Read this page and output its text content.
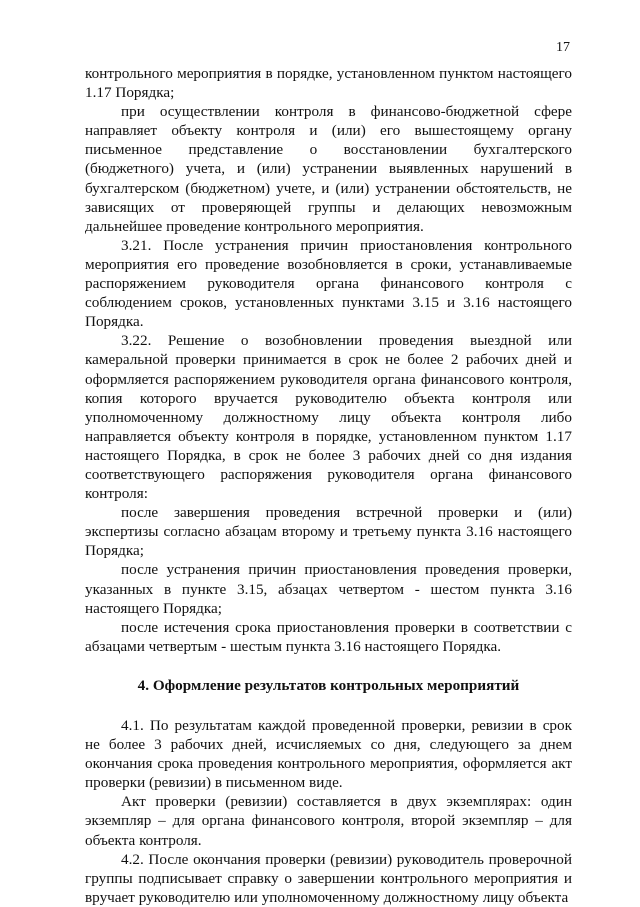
17

контрольного мероприятия в порядке, установленном пунктом настоящего 1.17 Порядка;

при осуществлении контроля в финансово-бюджетной сфере направляет объекту контроля и (или) его вышестоящему органу письменное представление о восстановлении бухгалтерского (бюджетного) учета, и (или) устранении выявленных нарушений в бухгалтерском (бюджетном) учете, и (или) устранении обстоятельств, не зависящих от проверяющей группы и делающих невозможным дальнейшее проведение контрольного мероприятия.

3.21. После устранения причин приостановления контрольного мероприятия его проведение возобновляется в сроки, устанавливаемые распоряжением руководителя органа финансового контроля с соблюдением сроков, установленных пунктами 3.15 и 3.16 настоящего Порядка.

3.22. Решение о возобновлении проведения выездной или камеральной проверки принимается в срок не более 2 рабочих дней и оформляется распоряжением руководителя органа финансового контроля, копия которого вручается руководителю объекта контроля или уполномоченному должностному лицу объекта контроля либо направляется объекту контроля в порядке, установленном пунктом 1.17 настоящего Порядка, в срок не более 3 рабочих дней со дня издания соответствующего распоряжения руководителя органа финансового контроля:

после завершения проведения встречной проверки и (или) экспертизы согласно абзацам второму и третьему пункта 3.16 настоящего Порядка;

после устранения причин приостановления проведения проверки, указанных в пункте 3.15, абзацах четвертом - шестом пункта 3.16 настоящего Порядка;

после истечения срока приостановления проверки в соответствии с абзацами четвертым - шестым пункта 3.16 настоящего Порядка.

4. Оформление результатов контрольных мероприятий

4.1. По результатам каждой проведенной проверки, ревизии в срок не более 3 рабочих дней, исчисляемых со дня, следующего за днем окончания срока проведения контрольного мероприятия, оформляется акт проверки (ревизии) в письменном виде.

Акт проверки (ревизии) составляется в двух экземплярах: один экземпляр – для органа финансового контроля, второй экземпляр – для объекта контроля.

4.2. После окончания проверки (ревизии) руководитель проверочной группы подписывает справку о завершении контрольного мероприятия и вручает руководителю или уполномоченному должностному лицу объекта
